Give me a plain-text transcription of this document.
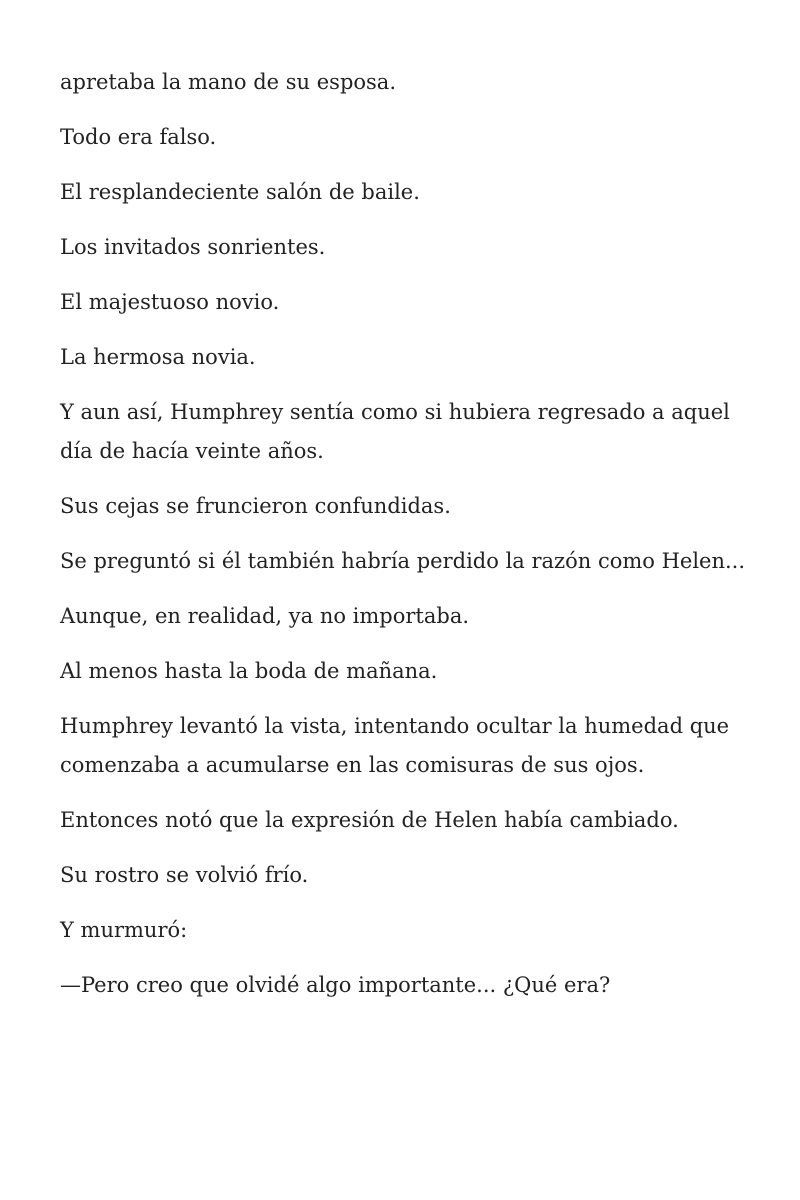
apretaba la mano de su esposa.

Todo era falso.

El resplandeciente salón de baile.

Los invitados sonrientes.

El majestuoso novio.

La hermosa novia.

Y aun así, Humphrey sentía como si hubiera regresado a aquel día de hacía veinte años.

Sus cejas se fruncieron confundidas.

Se preguntó si él también habría perdido la razón como Helen...

Aunque, en realidad, ya no importaba.

Al menos hasta la boda de mañana.

Humphrey levantó la vista, intentando ocultar la humedad que comenzaba a acumularse en las comisuras de sus ojos.

Entonces notó que la expresión de Helen había cambiado.

Su rostro se volvió frío.

Y murmuró:

—Pero creo que olvidé algo importante... ¿Qué era?
